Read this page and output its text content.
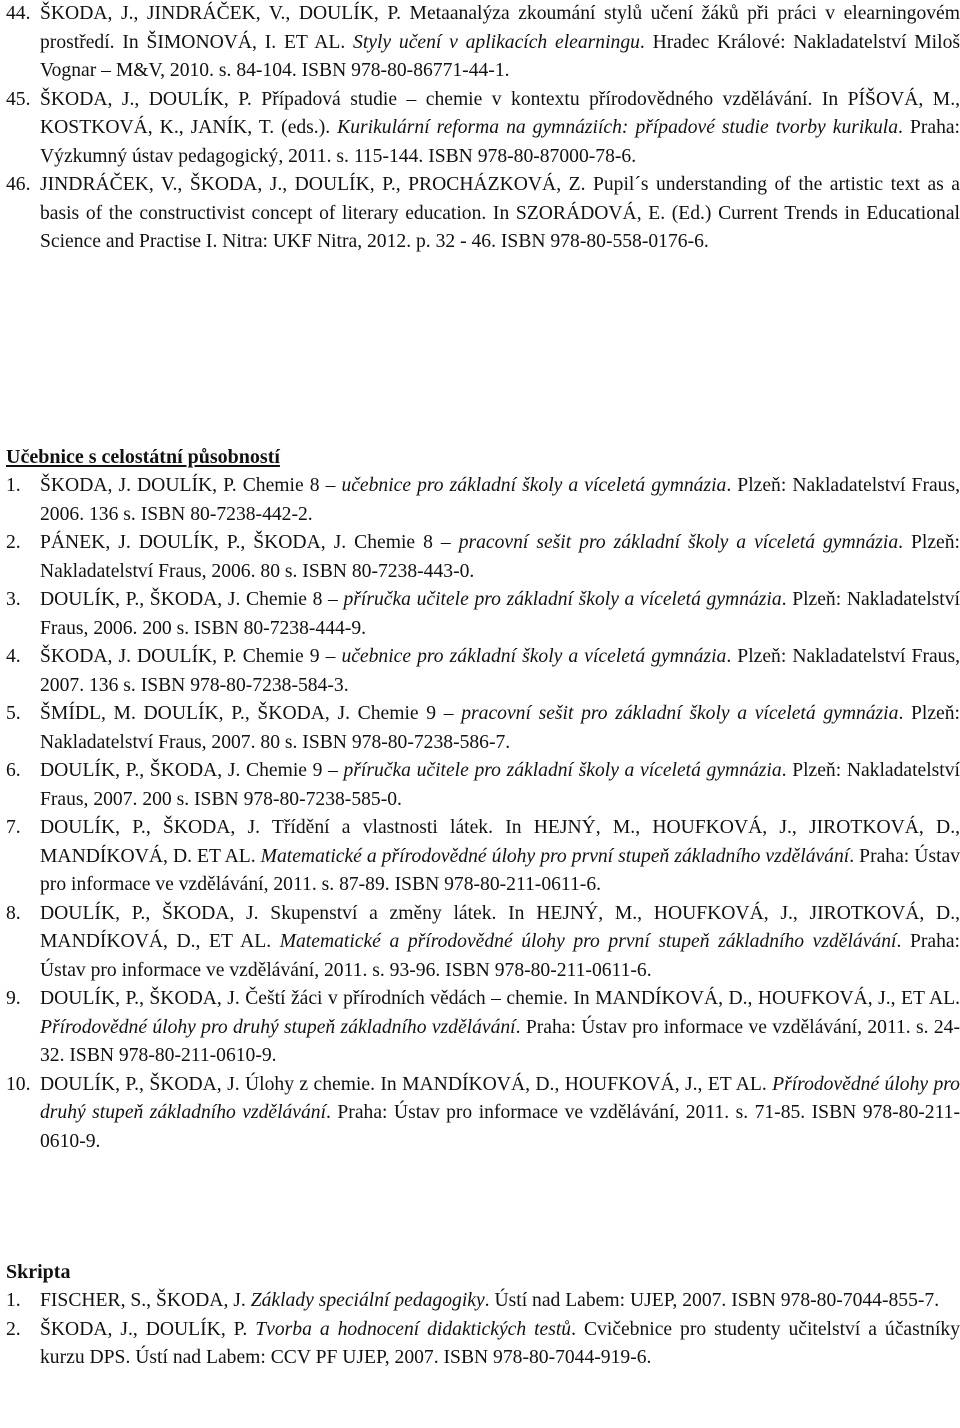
44. ŠKODA, J., JINDRÁČEK, V., DOULÍK, P. Metaanalýza zkoumání stylů učení žáků při práci v elearningovém prostředí. In ŠIMONOVÁ, I. ET AL. Styly učení v aplikacích elearningu. Hradec Králové: Nakladatelství Miloš Vognar – M&V, 2010. s. 84-104. ISBN 978-80-86771-44-1.

45. ŠKODA, J., DOULÍK, P. Případová studie – chemie v kontextu přírodovědného vzdělávání. In PÍŠOVÁ, M., KOSTKOVÁ, K., JANÍK, T. (eds.). Kurikulární reforma na gymnáziích: případové studie tvorby kurikula. Praha: Výzkumný ústav pedagogický, 2011. s. 115-144. ISBN 978-80-87000-78-6.

46. JINDRÁČEK, V., ŠKODA, J., DOULÍK, P., PROCHÁZKOVÁ, Z. Pupil´s understanding of the artistic text as a basis of the constructivist concept of literary education. In SZORÁDOVÁ, E. (Ed.) Current Trends in Educational Science and Practise I. Nitra: UKF Nitra, 2012. p. 32 - 46. ISBN 978-80-558-0176-6.

Učebnice s celostátní působností

1. ŠKODA, J. DOULÍK, P. Chemie 8 – učebnice pro základní školy a víceletá gymnázia. Plzeň: Nakladatelství Fraus, 2006. 136 s. ISBN 80-7238-442-2.

2. PÁNEK, J. DOULÍK, P., ŠKODA, J. Chemie 8 – pracovní sešit pro základní školy a víceletá gymnázia. Plzeň: Nakladatelství Fraus, 2006. 80 s. ISBN 80-7238-443-0.

3. DOULÍK, P., ŠKODA, J. Chemie 8 – příručka učitele pro základní školy a víceletá gymnázia. Plzeň: Nakladatelství Fraus, 2006. 200 s. ISBN 80-7238-444-9.

4. ŠKODA, J. DOULÍK, P. Chemie 9 – učebnice pro základní školy a víceletá gymnázia. Plzeň: Nakladatelství Fraus, 2007. 136 s. ISBN 978-80-7238-584-3.

5. ŠMÍDL, M. DOULÍK, P., ŠKODA, J. Chemie 9 – pracovní sešit pro základní školy a víceletá gymnázia. Plzeň: Nakladatelství Fraus, 2007. 80 s. ISBN 978-80-7238-586-7.

6. DOULÍK, P., ŠKODA, J. Chemie 9 – příručka učitele pro základní školy a víceletá gymnázia. Plzeň: Nakladatelství Fraus, 2007. 200 s. ISBN 978-80-7238-585-0.

7. DOULÍK, P., ŠKODA, J. Třídění a vlastnosti látek. In HEJNÝ, M., HOUFKOVÁ, J., JIROTKOVÁ, D., MANDÍKOVÁ, D. ET AL. Matematické a přírodovědné úlohy pro první stupeň základního vzdělávání. Praha: Ústav pro informace ve vzdělávání, 2011. s. 87-89. ISBN 978-80-211-0611-6.

8. DOULÍK, P., ŠKODA, J. Skupenství a změny látek. In HEJNÝ, M., HOUFKOVÁ, J., JIROTKOVÁ, D., MANDÍKOVÁ, D., ET AL. Matematické a přírodovědné úlohy pro první stupeň základního vzdělávání. Praha: Ústav pro informace ve vzdělávání, 2011. s. 93-96. ISBN 978-80-211-0611-6.

9. DOULÍK, P., ŠKODA, J. Čeští žáci v přírodních vědách – chemie. In MANDÍKOVÁ, D., HOUFKOVÁ, J., ET AL. Přírodovědné úlohy pro druhý stupeň základního vzdělávání. Praha: Ústav pro informace ve vzdělávání, 2011. s. 24-32. ISBN 978-80-211-0610-9.

10. DOULÍK, P., ŠKODA, J. Úlohy z chemie. In MANDÍKOVÁ, D., HOUFKOVÁ, J., ET AL. Přírodovědné úlohy pro druhý stupeň základního vzdělávání. Praha: Ústav pro informace ve vzdělávání, 2011. s. 71-85. ISBN 978-80-211-0610-9.

Skripta

1. FISCHER, S., ŠKODA, J. Základy speciální pedagogiky. Ústí nad Labem: UJEP, 2007. ISBN 978-80-7044-855-7.

2. ŠKODA, J., DOULÍK, P. Tvorba a hodnocení didaktických testů. Cvičebnice pro studenty učitelství a účastníky kurzu DPS. Ústí nad Labem: CCV PF UJEP, 2007. ISBN 978-80-7044-919-6.
